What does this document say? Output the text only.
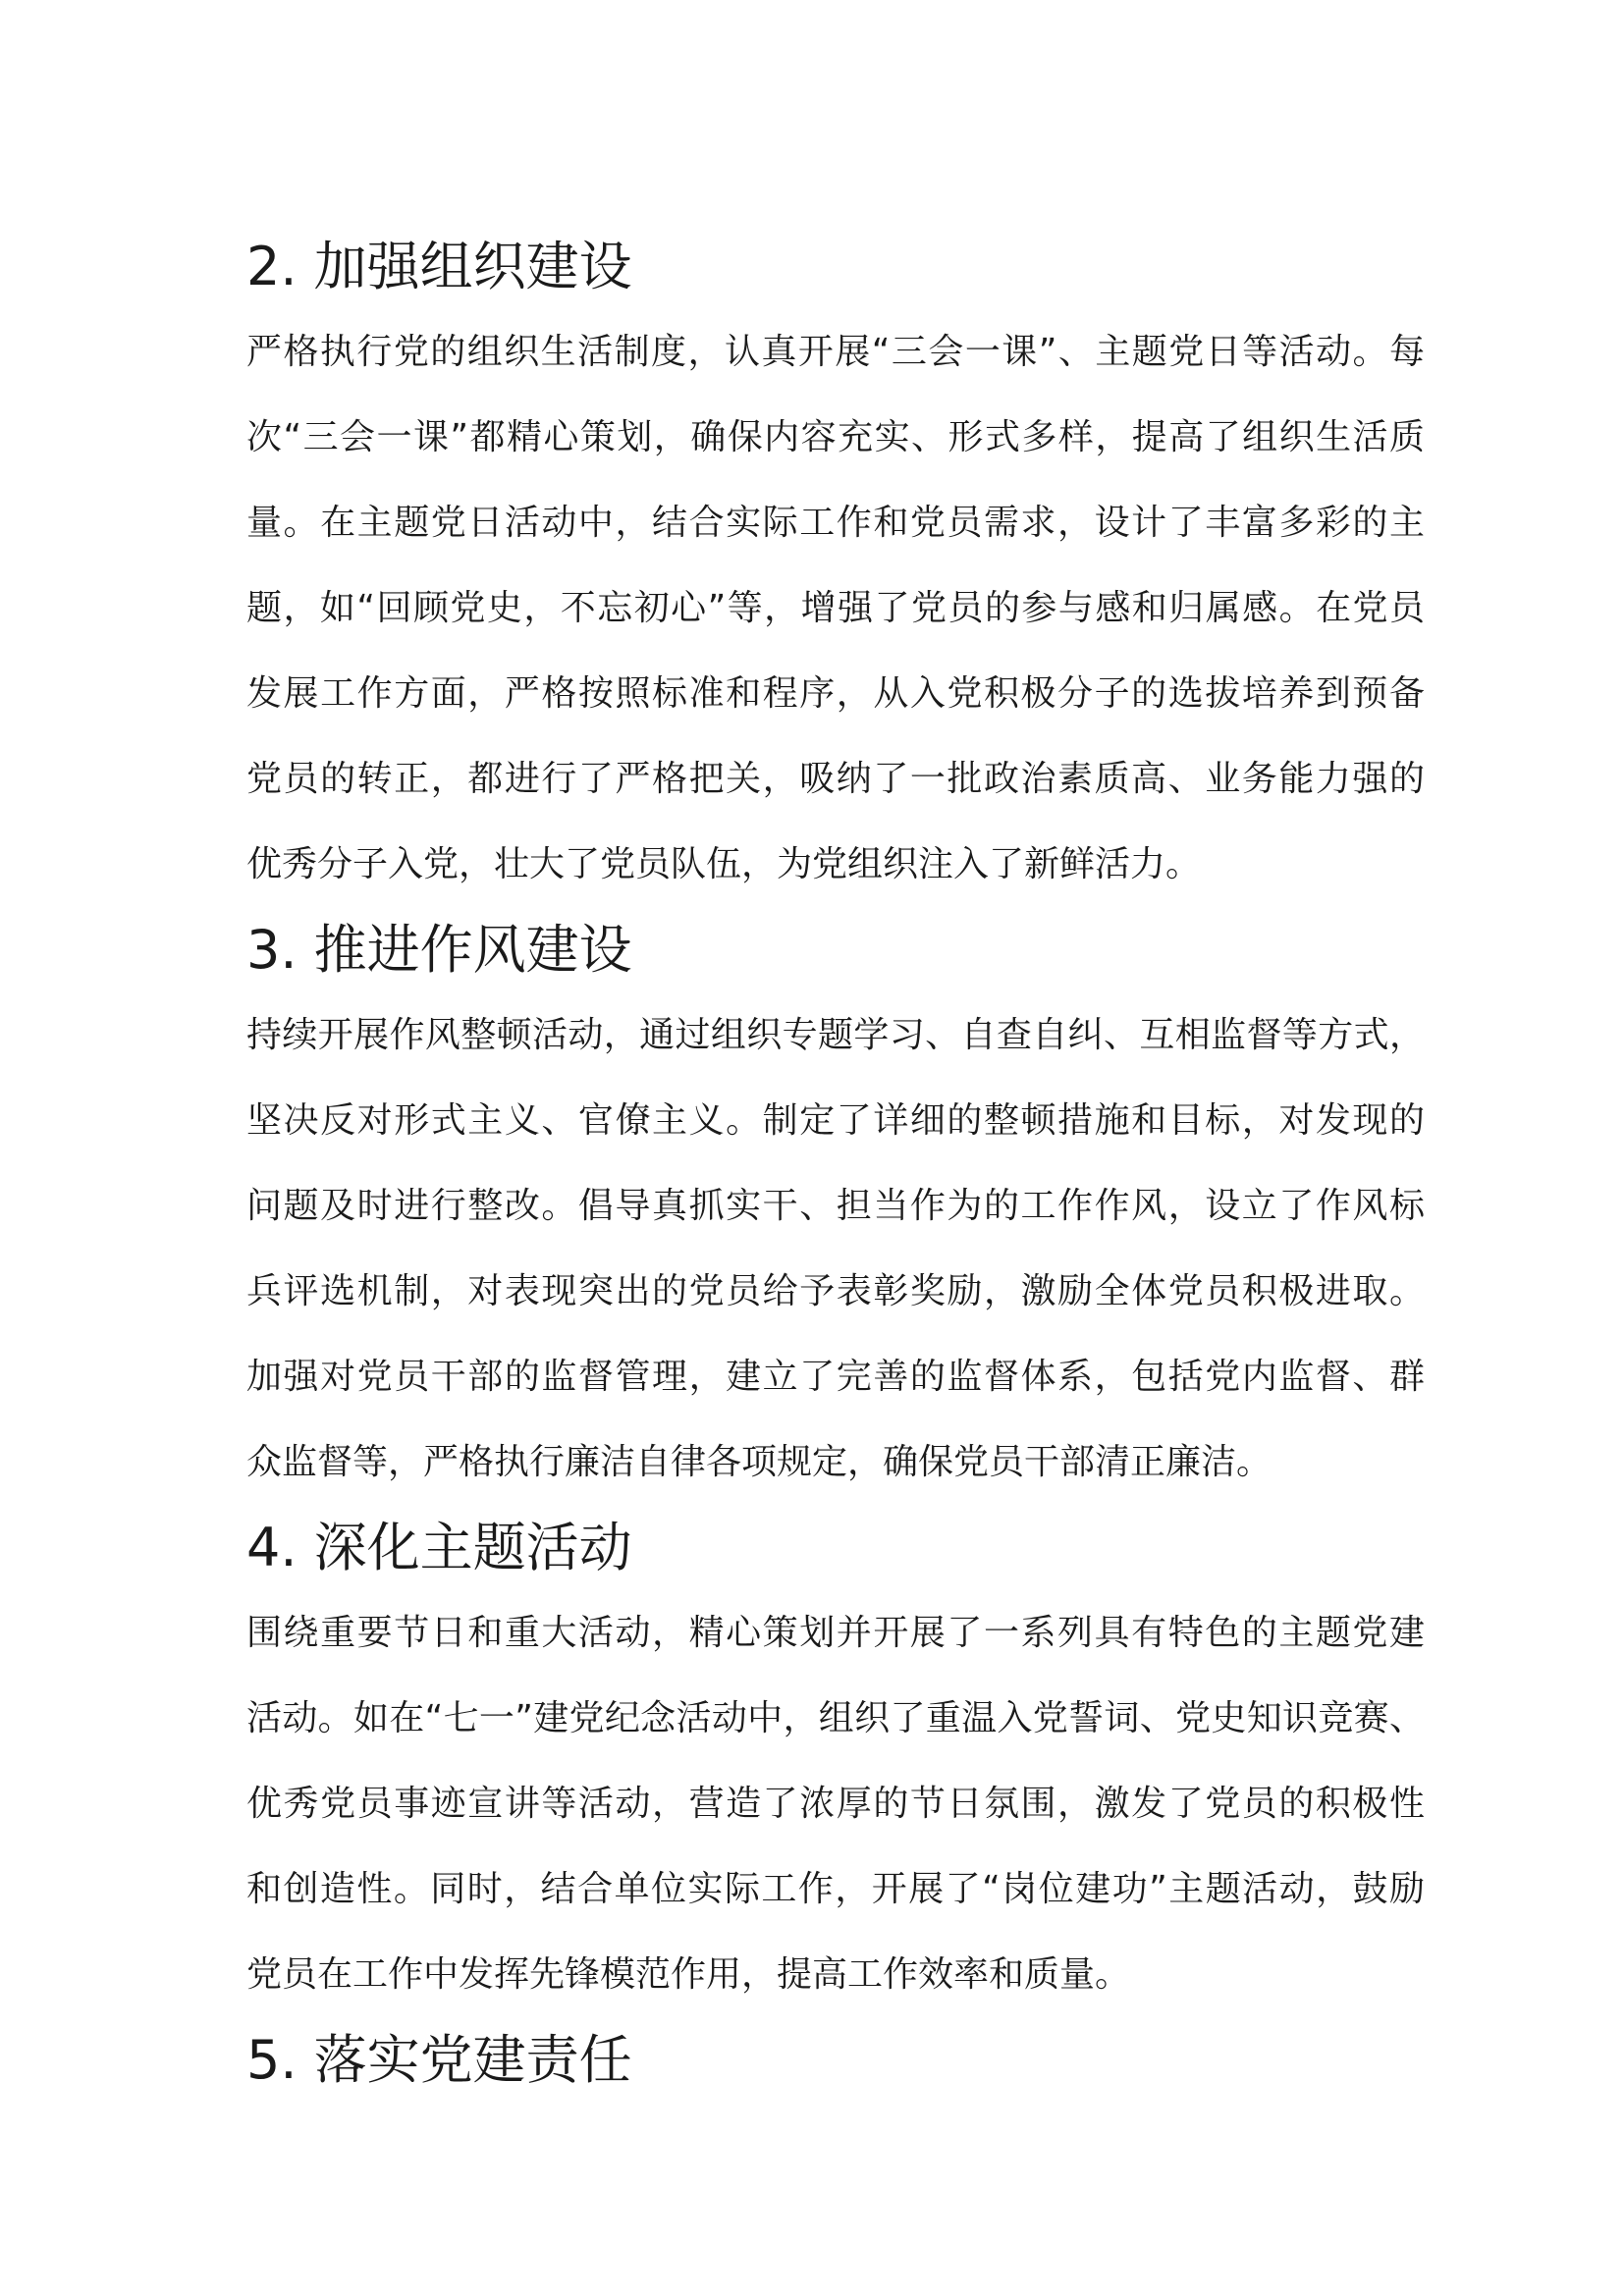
2. 加强组织建设

严格执行党的组织生活制度，认真开展“三会一课”、主题党日等活动。每
次“三会一课”都精心策划，确保内容充实、形式多样，提高了组织生活质
量。在主题党日活动中，结合实际工作和党员需求，设计了丰富多彩的主
题，如“回顾党史，不忘初心”等，增强了党员的参与感和归属感。在党员
发展工作方面，严格按照标准和程序，从入党积极分子的选拔培养到预备
党员的转正，都进行了严格把关，吸纳了一批政治素质高、业务能力强的
优秀分子入党，壮大了党员队伍，为党组织注入了新鲜活力。

3. 推进作风建设

持续开展作风整顿活动，通过组织专题学习、自查自纠、互相监督等方式，
坚决反对形式主义、官僚主义。制定了详细的整顿措施和目标，对发现的
问题及时进行整改。倡导真抓实干、担当作为的工作作风，设立了作风标
兵评选机制，对表现突出的党员给予表彰奖励，激励全体党员积极进取。
加强对党员干部的监督管理，建立了完善的监督体系，包括党内监督、群
众监督等，严格执行廉洁自律各项规定，确保党员干部清正廉洁。

4. 深化主题活动

围绕重要节日和重大活动，精心策划并开展了一系列具有特色的主题党建
活动。如在“七一”建党纪念活动中，组织了重温入党誓词、党史知识竞赛、
优秀党员事迹宣讲等活动，营造了浓厚的节日氛围，激发了党员的积极性
和创造性。同时，结合单位实际工作，开展了“岗位建功”主题活动，鼓励
党员在工作中发挥先锋模范作用，提高工作效率和质量。

5. 落实党建责任
